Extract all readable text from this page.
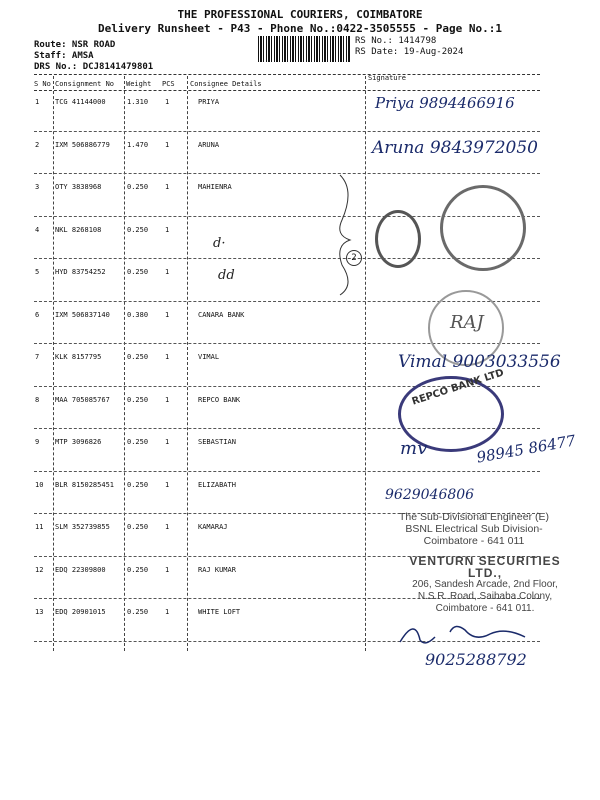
THE PROFESSIONAL COURIERS, COIMBATORE
Delivery Runsheet - P43 - Phone No.:0422-3505555 - Page No.:1
Route: NSR ROAD
Staff: AMSA
DRS No.: DCJ8141479801
RS No.: 1414798
RS Date: 19-Aug-2024
S No Consignment No Weight PCS Consignee Details
Signature
1 TCG 41144000	1.310 1	PRIYA
2 IXM 506886779 1.470 1	ARUNA
3 OTY 3838968	0.250 1	MAHIENRA
4 NKL 8268108	0.250 1
5 HYD 83754252	0.250 1
6 IXM 506837140 0.380 1	CANARA BANK
7 KLK 8157795	0.250 1	VIMAL
8 MAA 705085767 0.250 1	REPCO BANK
9 MTP 3096826	0.250 1	SEBASTIAN
10 BLR 8150285451 0.250 1	ELIZABATH
11 SLM 352739855 0.250 1	KAMARAJ
12 EDQ 22309800	0.250 1	RAJ KUMAR
13 EDQ 20901015	0.250 1	WHITE LOFT
Priya 9894466916
Aruna 9843972050
RAJ
Vimal 9003033556
REPCO BANK LTD
mv	98945 86477
9629046806
The Sub-Divisional Engineer (E)
BSNL Electrical Sub Division-
Coimbatore - 641 011
VENTURN SECURITIES LTD.,
206, Sandesh Arcade, 2nd Floor,
N.S.R. Road, Saibaba Colony,
Coimbatore - 641 011.
9025288792
2
d·
dd
